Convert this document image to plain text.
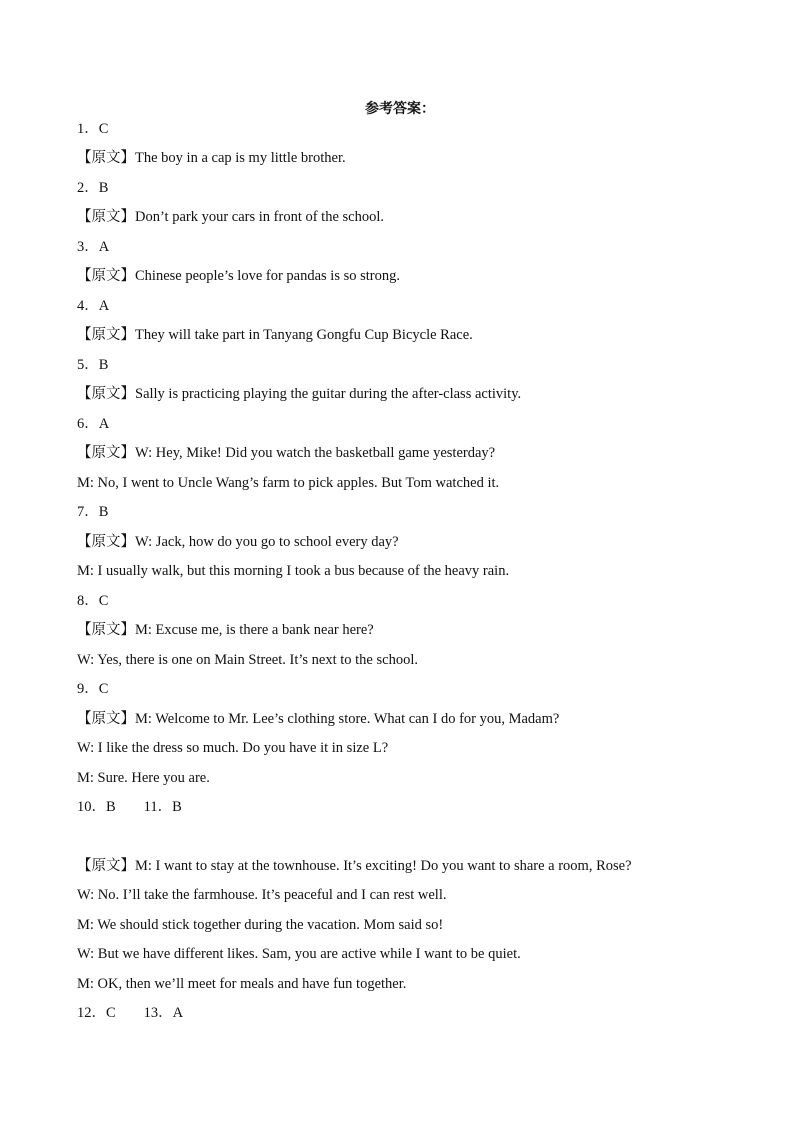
参考答案：
1．C
【原文】The boy in a cap is my little brother.
2．B
【原文】Don’t park your cars in front of the school.
3．A
【原文】Chinese people’s love for pandas is so strong.
4．A
【原文】They will take part in Tanyang Gongfu Cup Bicycle Race.
5．B
【原文】Sally is practicing playing the guitar during the after-class activity.
6．A
【原文】W: Hey, Mike! Did you watch the basketball game yesterday?
M: No, I went to Uncle Wang’s farm to pick apples. But Tom watched it.
7．B
【原文】W: Jack, how do you go to school every day?
M: I usually walk, but this morning I took a bus because of the heavy rain.
8．C
【原文】M: Excuse me, is there a bank near here?
W: Yes, there is one on Main Street. It’s next to the school.
9．C
【原文】M: Welcome to Mr. Lee’s clothing store. What can I do for you, Madam?
W: I like the dress so much. Do you have it in size L?
M: Sure. Here you are.
10．B 11．B
【原文】M: I want to stay at the townhouse. It’s exciting! Do you want to share a room, Rose?
W: No. I’ll take the farmhouse. It’s peaceful and I can rest well.
M: We should stick together during the vacation. Mom said so!
W: But we have different likes. Sam, you are active while I want to be quiet.
M: OK, then we’ll meet for meals and have fun together.
12．C 13．A
